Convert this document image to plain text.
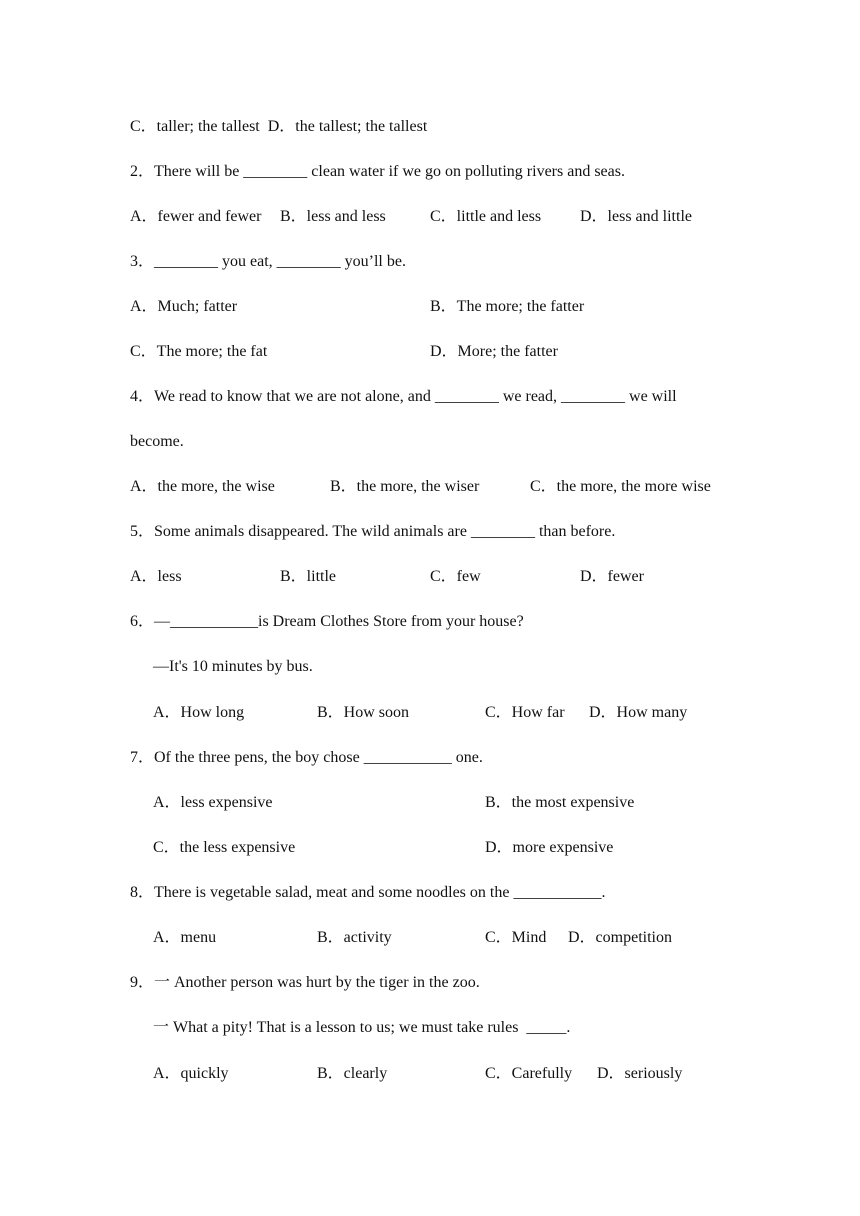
C．taller; the tallest  D．the tallest; the tallest
2．There will be ________ clean water if we go on polluting rivers and seas.
A．fewer and fewer B．less and less	C．little and less D．less and little
3．________ you eat, ________ you’ll be.
A．Much; fatter	B．The more; the fatter
C．The more; the fat	D．More; the fatter
4．We read to know that we are not alone, and ________ we read, ________ we will
become.
A．the more, the wise	B．the more, the wiser	C．the more, the more wise
5．Some animals disappeared. The wild animals are ________ than before.
A．less	B．little	C．few	D．fewer
6．—___________is Dream Clothes Store from your house?
—It's 10 minutes by bus.
A．How long	B．How soon	C．How far D．How many
7．Of the three pens, the boy chose ___________ one.
A．less expensive	B．the most expensive
C．the less expensive	D．more expensive
8．There is vegetable salad, meat and some noodles on the ___________.
A．menu	B．activity	C．Mind D．competition
9．一 Another person was hurt by the tiger in the zoo.
一 What a pity! That is a lesson to us; we must take rules  _____.
A．quickly	B．clearly	C．Carefully D．seriously
